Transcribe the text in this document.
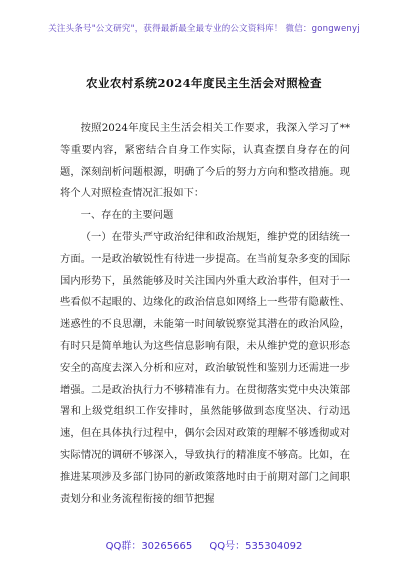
关注头条号"公文研究"，获得最新最全最专业的公文资料库！ 微信：gongwenyj
农业农村系统2024年度民主生活会对照检查

按照2024年度民主生活会相关工作要求，我深入学习了**等重要内容，紧密结合自身工作实际，认真查摆自身存在的问题，深刻剖析问题根源，明确了今后的努力方向和整改措施。现将个人对照检查情况汇报如下：

一、存在的主要问题

（一）在带头严守政治纪律和政治规矩，维护党的团结统一方面。一是政治敏锐性有待进一步提高。在当前复杂多变的国际国内形势下，虽然能够及时关注国内外重大政治事件，但对于一些看似不起眼的、边缘化的政治信息如网络上一些带有隐蔽性、迷惑性的不良思潮，未能第一时间敏锐察觉其潜在的政治风险，有时只是简单地认为这些信息影响有限，未从维护党的意识形态安全的高度去深入分析和应对，政治敏锐性和鉴别力还需进一步增强。二是政治执行力不够精准有力。在贯彻落实党中央决策部署和上级党组织工作安排时，虽然能够做到态度坚决、行动迅速，但在具体执行过程中，偶尔会因对政策的理解不够透彻或对实际情况的调研不够深入，导致执行的精准度不够高。比如，在推进某项涉及多部门协同的新政策落地时由于前期对部门之间职责划分和业务流程衔接的细节把握

QQ群：30265665 QQ号：535304092
